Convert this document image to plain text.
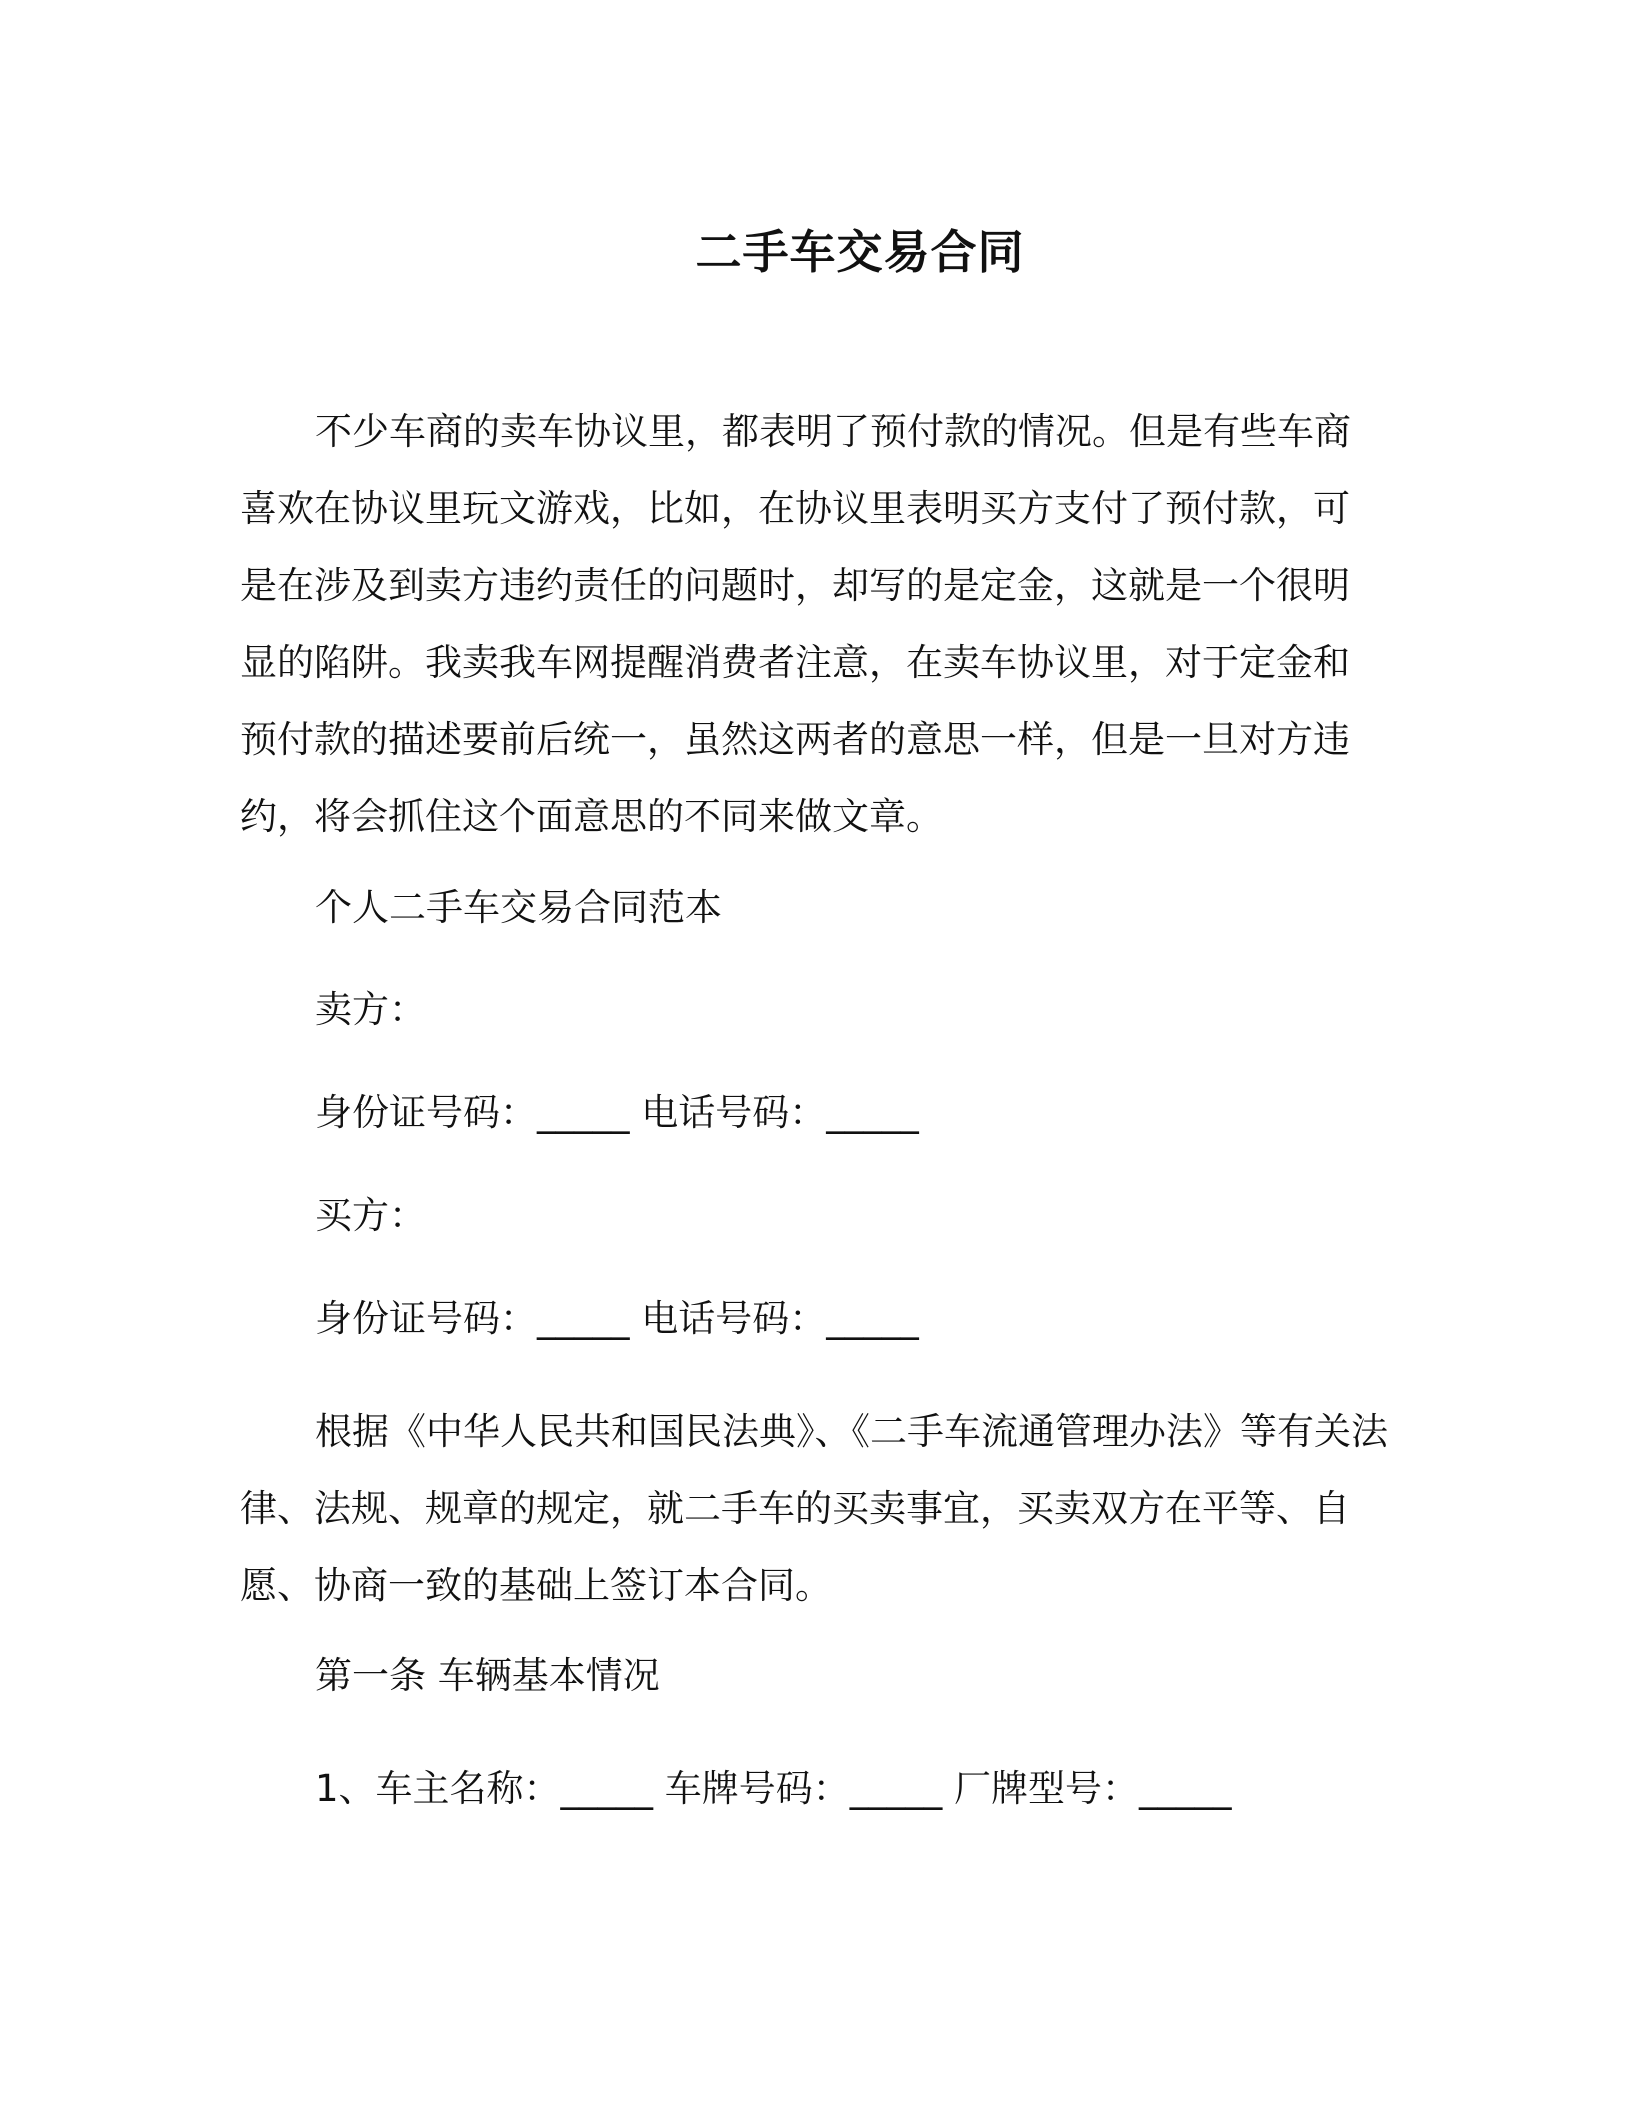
二手车交易合同

不少车商的卖车协议里，都表明了预付款的情况。但是有些车商喜欢在协议里玩文游戏，比如，在协议里表明买方支付了预付款，可是在涉及到卖方违约责任的问题时，却写的是定金，这就是一个很明显的陷阱。我卖我车网提醒消费者注意，在卖车协议里，对于定金和预付款的描述要前后统一，虽然这两者的意思一样，但是一旦对方违约，将会抓住这个面意思的不同来做文章。

个人二手车交易合同范本

卖方：

身份证号码：_____ 电话号码：_____

买方：

身份证号码：_____ 电话号码：_____

根据《中华人民共和国民法典》、《二手车流通管理办法》等有关法律、法规、规章的规定，就二手车的买卖事宜，买卖双方在平等、自愿、协商一致的基础上签订本合同。

第一条 车辆基本情况

1、车主名称：_____ 车牌号码：_____ 厂牌型号：_____
